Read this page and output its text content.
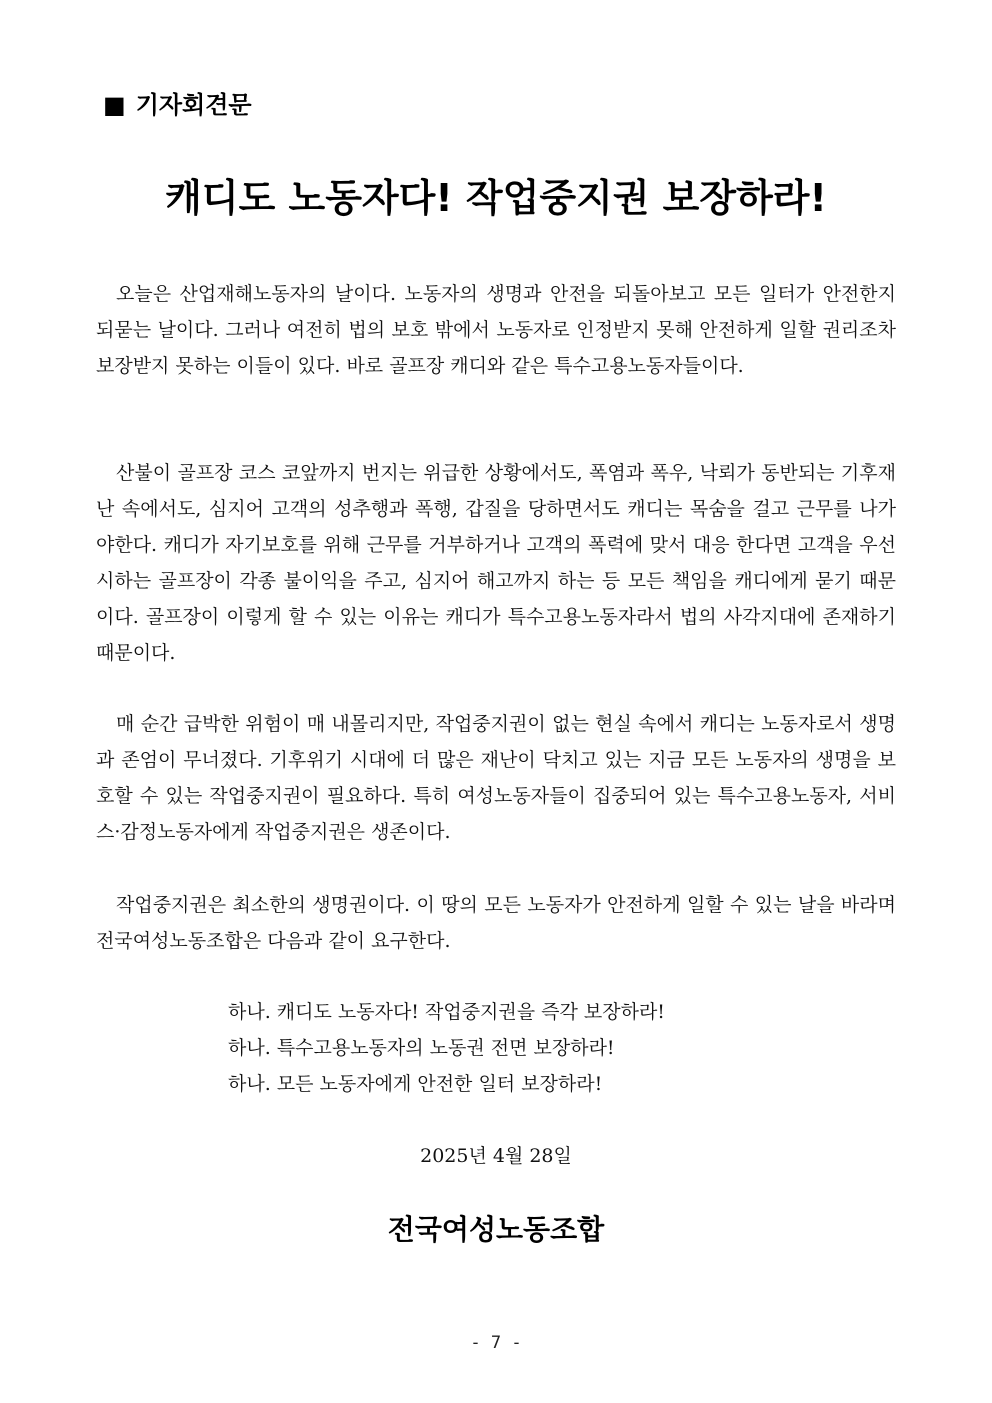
■ 기자회견문
캐디도 노동자다! 작업중지권 보장하라!

오늘은 산업재해노동자의 날이다. 노동자의 생명과 안전을 되돌아보고 모든 일터가 안전한지 되묻는 날이다. 그러나 여전히 법의 보호 밖에서 노동자로 인정받지 못해 안전하게 일할 권리조차 보장받지 못하는 이들이 있다. 바로 골프장 캐디와 같은 특수고용노동자들이다.

산불이 골프장 코스 코앞까지 번지는 위급한 상황에서도, 폭염과 폭우, 낙뢰가 동반되는 기후재난 속에서도, 심지어 고객의 성추행과 폭행, 갑질을 당하면서도 캐디는 목숨을 걸고 근무를 나가야한다. 캐디가 자기보호를 위해 근무를 거부하거나 고객의 폭력에 맞서 대응 한다면 고객을 우선시하는 골프장이 각종 불이익을 주고, 심지어 해고까지 하는 등 모든 책임을 캐디에게 묻기 때문이다. 골프장이 이렇게 할 수 있는 이유는 캐디가 특수고용노동자라서 법의 사각지대에 존재하기 때문이다.

매 순간 급박한 위험이 매 내몰리지만, 작업중지권이 없는 현실 속에서 캐디는 노동자로서 생명과 존엄이 무너졌다. 기후위기 시대에 더 많은 재난이 닥치고 있는 지금 모든 노동자의 생명을 보호할 수 있는 작업중지권이 필요하다. 특히 여성노동자들이 집중되어 있는 특수고용노동자, 서비스·감정노동자에게 작업중지권은 생존이다.

작업중지권은 최소한의 생명권이다. 이 땅의 모든 노동자가 안전하게 일할 수 있는 날을 바라며 전국여성노동조합은 다음과 같이 요구한다.

하나. 캐디도 노동자다! 작업중지권을 즉각 보장하라!
하나. 특수고용노동자의 노동권 전면 보장하라!
하나. 모든 노동자에게 안전한 일터 보장하라!
2025년 4월 28일
전국여성노동조합
- 7 -
